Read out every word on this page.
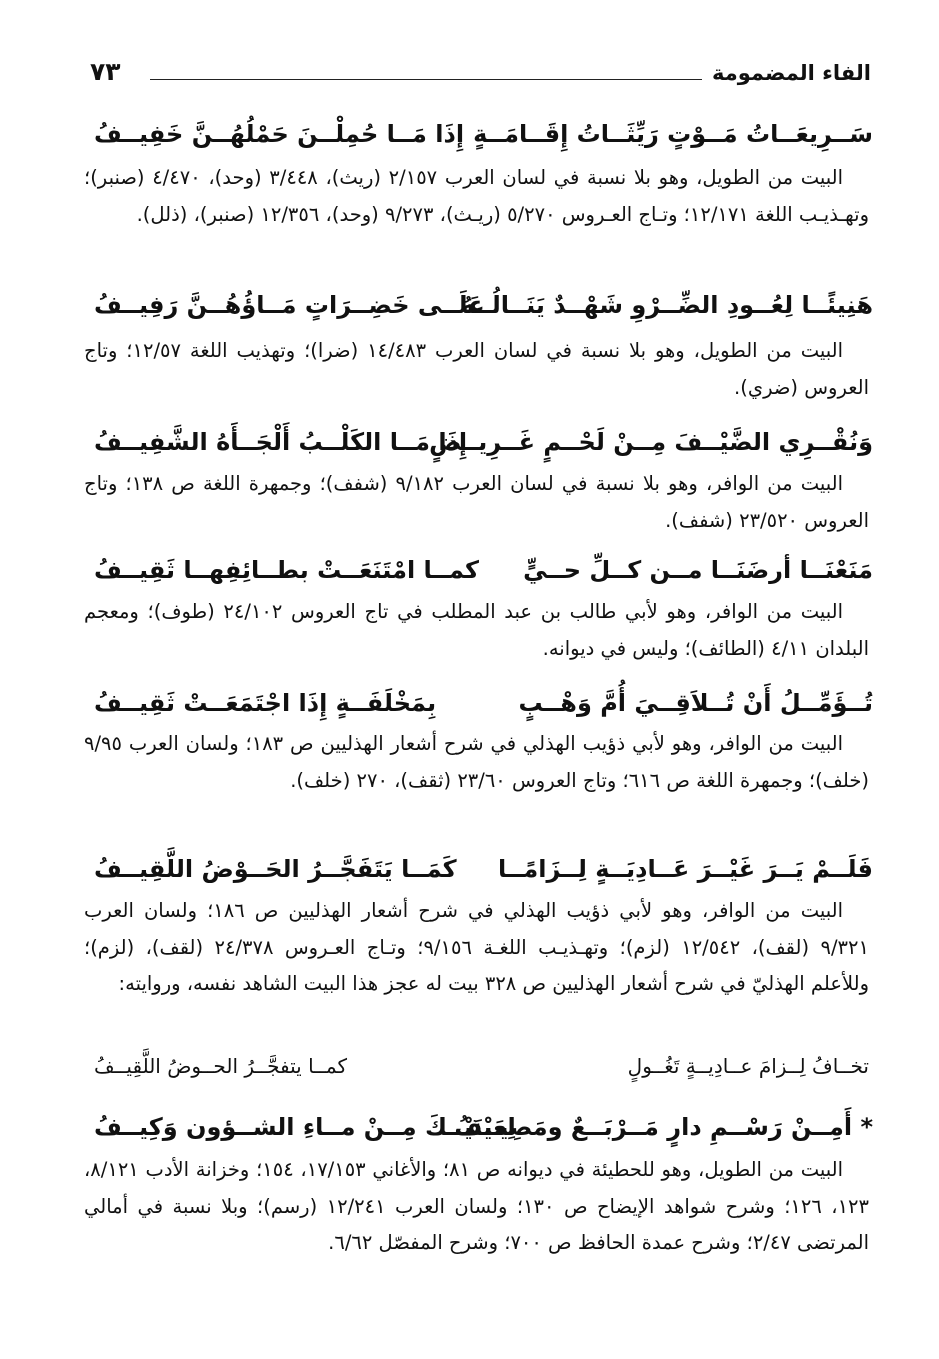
الفاء المضمومة
٧٣
سَــرِيعَــاتُ مَــوْتٍ رَيِّثَــاتُ إِقَــامَــةٍ
إِذَا مَــا حُمِلْــنَ حَمْلُهُــنَّ خَفِيــفُ

البيت من الطويل، وهو بلا نسبة في لسان العرب ٢/١٥٧ (ريث)، ٣/٤٤٨ (وحد)، ٤/٤٧٠ (صنبر)؛ وتهـذيـب اللغة ١٢/١٧١؛ وتـاج العـروس ٥/٢٧٠ (ريـث)، ٩/٢٧٣ (وحد)، ١٢/٣٥٦ (صنبر)، (ذلل).

هَنِيئًــا لِعُــودِ الضِّــرْوِ شَهْــدٌ يَنَــالُــهُ
عَلَــى خَضِــرَاتٍ مَــاؤُهُــنَّ رَفِيــفُ

البيت من الطويل، وهو بلا نسبة في لسان العرب ١٤/٤٨٣ (ضرا)؛ وتهذيب اللغة ١٢/٥٧؛ وتاج العروس (ضري).

وَنُقْــرِي الضَّيْــفَ مِــنْ لَحْــمٍ غَــرِيــضٍ
إِذَا مَــا الكَلْــبُ أَلْجَــأَهُ الشَّفِيــفُ

البيت من الوافر، وهو بلا نسبة في لسان العرب ٩/١٨٢ (شفف)؛ وجمهرة اللغة ص ١٣٨؛ وتاج العروس ٢٣/٥٢٠ (شفف).

مَنَعْنَــا أرضَنَــا مــن كــلِّ حــيٍّ
كمــا امْتَنَعَــتْ بطــائِفِهــا ثَقِيــفُ

البيت من الوافر، وهو لأبي طالب بن عبد المطلب في تاج العروس ٢٤/١٠٢ (طوف)؛ ومعجم البلدان ٤/١١ (الطائف)؛ وليس في ديوانه.

تُــؤَمِّــلُ أَنْ تُــلاَقِــيَ أُمَّ وَهْــبٍ
بِمَخْلَفَــةٍ إِذَا اجْتَمَعَــتْ ثَقِيــفُ

البيت من الوافر، وهو لأبي ذؤيب الهذلي في شرح أشعار الهذليين ص ١٨٣؛ ولسان العرب ٩/٩٥ (خلف)؛ وجمهرة اللغة ص ٦١٦؛ وتاج العروس ٢٣/٦٠ (ثقف)، ٢٧٠ (خلف).

فَلَــمْ يَــرَ غَيْــرَ عَــادِيَــةٍ لِــزَامًــا
كَمَــا يَتَفَجَّــرُ الحَــوْضُ اللَّقِيــفُ

البيت من الوافر، وهو لأبي ذؤيب الهذلي في شرح أشعار الهذليين ص ١٨٦؛ ولسان العرب ٩/٣٢١ (لقف)، ١٢/٥٤٢ (لزم)؛ وتهـذيـب اللغـة ٩/١٥٦؛ وتـاج العـروس ٢٤/٣٧٨ (لقف)، (لزم)؛ وللأعلم الهذليّ في شرح أشعار الهذليين ص ٣٢٨ بيت له عجز هذا البيت الشاهد نفسه، وروايته:

تخــافُ لِــزامَ عــادِيــةٍ تَغُــولٍ
كمــا يتفجَّــرُ الحــوضُ اللَّقِيــفُ
* أَمِــنْ رَسْــمِ دارٍ مَــرْبَــعٌ ومَصِيــفُ
لِعَيْنَيْــكَ مِــنْ مــاءِ الشــؤون وَكِيــفُ

البيت من الطويل، وهو للحطيئة في ديوانه ص ٨١؛ والأغاني ١٧/١٥٣، ١٥٤؛ وخزانة الأدب ٨/١٢١، ١٢٣، ١٢٦؛ وشرح شواهد الإيضاح ص ١٣٠؛ ولسان العرب ١٢/٢٤١ (رسم)؛ وبلا نسبة في أمالي المرتضى ٢/٤٧؛ وشرح عمدة الحافظ ص ٧٠٠؛ وشرح المفصّل ٦/٦٢.
